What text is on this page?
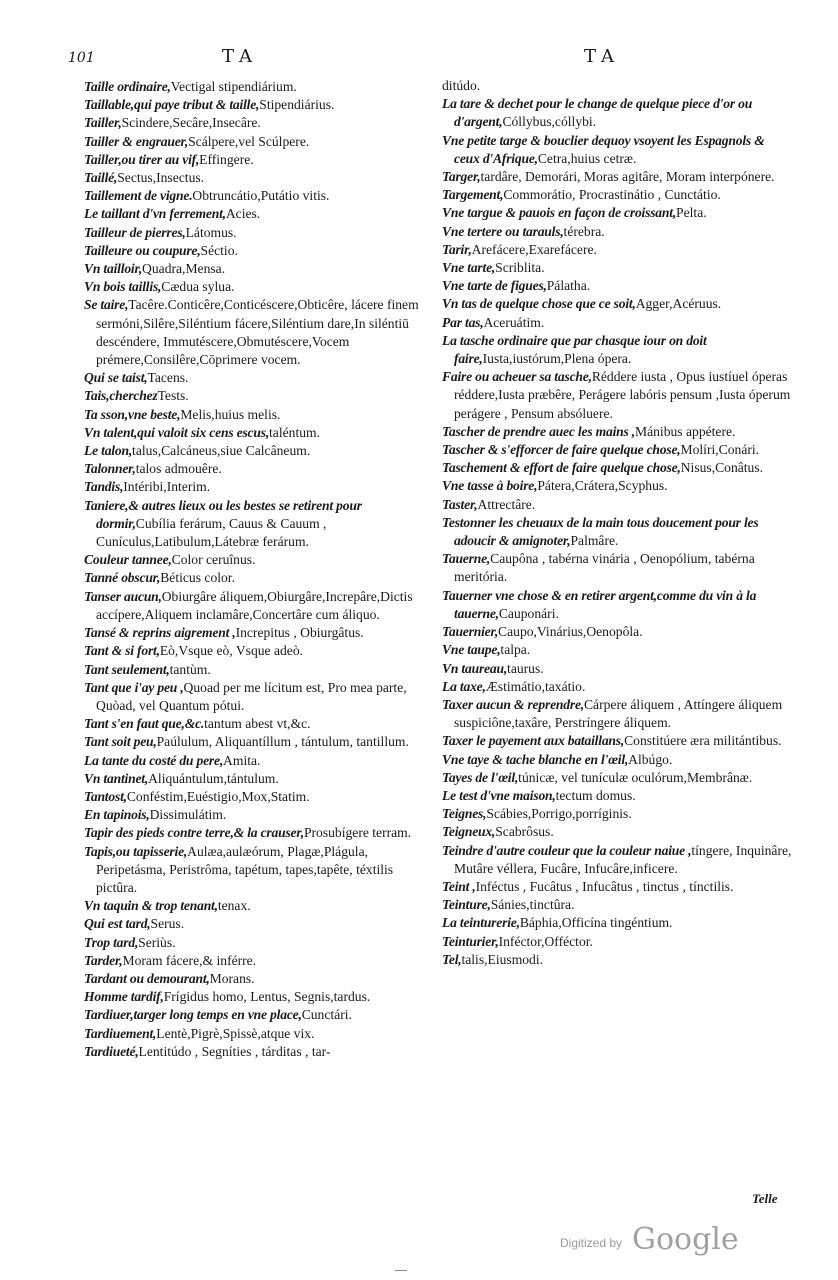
101	TA	TA

Taille ordinaire,Vectigal stipendiárium.

Taillable,qui paye tribut & taille,Stipendiárius.

Tailler,Scindere,Secâre,Insecâre.

Tailler & engrauer,Scálpere,vel Scúlpere.

Tailler,ou tirer au vif,Effingere.

Taillé,Sectus,Insectus.

Taillement de vigne.Obtruncátio,Putátio vitis.

Le taillant d'vn ferrement,Acies.

Tailleur de pierres,Látomus.

Tailleure ou coupure,Séctio.

Vn tailloir,Quadra,Mensa.

Vn bois taillis,Cædua sylua.

Se taire,Tacêre.Conticêre,Conticéscere,Obticêre, lácere finem sermóni,Silêre,Siléntium fácere,Siléntium dare,In siléntiū descéndere, Immutéscere,Obmutéscere,Vocem prémere,Consilêre,Cōprimere vocem.

Qui se taist,Tacens.

Tais,cherchezTests.

Ta sson,vne beste,Melis,huius melis.

Vn talent,qui valoit six cens escus,taléntum.

Le talon,talus,Calcáneus,siue Calcâneum.

Talonner,talos admouêre.

Tandis,Intéribi,Interim.

Taniere,& autres lieux ou les bestes se retirent pour dormir,Cubília ferárum, Cauus & Cauum , Cunículus,Latibulum,Látebræ ferárum.

Couleur tannee,Color ceruînus.

Tanné obscur,Béticus color.

Tanser aucun,Obiurgâre áliquem,Obiurgâre,Increpâre,Dictis accípere,Aliquem inclamâre,Concertâre cum áliquo.

Tansé & reprins aigrement ,Increpitus , Obiurgâtus.

Tant & si fort,Eò,Vsque eò, Vsque adeò.

Tant seulement,tantùm.

Tant que i'ay peu ,Quoad per me lícitum est, Pro mea parte, Quòad, vel Quantum pótui.

Tant s'en faut que,&c.tantum abest vt,&c.

Tant soit peu,Paúlulum, Aliquantíllum , tántulum, tantillum.

La tante du costé du pere,Amita.

Vn tantinet,Aliquántulum,tántulum.

Tantost,Conféstim,Euéstigio,Mox,Statim.

En tapinois,Dissimulátim.

Tapir des pieds contre terre,& la crauser,Prosubígere terram.

Tapis,ou tapisserie,Aulæa,aulæórum, Plagæ,Plágula, Peripetásma, Peristrôma, tapétum, tapes,tapête, téxtilis pictûra.

Vn taquin & trop tenant,tenax.

Qui est tard,Serus.

Trop tard,Seriùs.

Tarder,Moram fácere,& inférre.

Tardant ou demourant,Morans.

Homme tardif,Frígidus homo, Lentus, Segnis,tardus.

Tardiuer,targer long temps en vne place,Cunctári.

Tardiuement,Lentè,Pigrè,Spissè,atque vix.

Tardiueté,Lentitúdo , Segníties , tárditas , tar-

ditúdo.

La tare & dechet pour le change de quelque piece d'or ou d'argent,Cóllybus,cóllybi.

Vne petite targe & bouclier dequoy vsoyent les Espagnols & ceux d'Afrique,Cetra,huius cetræ.

Targer,tardâre, Demorári, Moras agitâre, Moram interpónere.

Targement,Commorátio, Procrastinátio , Cunctátio.

Vne targue & pauois en façon de croissant,Pelta.

Vne tertere ou tarauls,térebra.

Tarir,Arefácere,Exarefácere.

Vne tarte,Scriblita.

Vne tarte de figues,Pálatha.

Vn tas de quelque chose que ce soit,Agger,Acéruus.

Par tas,Aceruátim.

La tasche ordinaire que par chasque iour on doit faire,Iusta,iustórum,Plena ópera.

Faire ou acheuer sa tasche,Réddere iusta , Opus iustíuel óperas réddere,Iusta præbêre, Perágere labóris pensum ,Iusta óperum perágere , Pensum absóluere.

Tascher de prendre auec les mains ,Mánibus appétere.

Tascher & s'efforcer de faire quelque chose,Molíri,Conári.

Taschement & effort de faire quelque chose,Nisus,Conâtus.

Vne tasse à boire,Pátera,Crátera,Scyphus.

Taster,Attrectâre.

Testonner les cheuaux de la main tous doucement pour les adoucir & amignoter,Palmâre.

Tauerne,Caupôna , tabérna vinária , Oenopólium, tabérna meritória.

Tauerner vne chose & en retirer argent,comme du vin à la tauerne,Cauponári.

Tauernier,Caupo,Vinárius,Oenopôla.

Vne taupe,talpa.

Vn taureau,taurus.

La taxe,Æstimátio,taxátio.

Taxer aucun & reprendre,Cárpere áliquem , Attíngere áliquem suspiciône,taxâre, Perstríngere áliquem.

Taxer le payement aux bataillans,Constitúere æra militántibus.

Vne taye & tache blanche en l'œil,Albúgo.

Tayes de l'œil,túnicæ, vel tunículæ oculórum,Membrânæ.

Le test d'vne maison,tectum domus.

Teignes,Scábies,Porrigo,porríginis.

Teigneux,Scabrôsus.

Teindre d'autre couleur que la couleur naiue ,tíngere, Inquinâre, Mutâre véllera, Fucâre, Infucâre,inficere.

Teint ,Inféctus , Fucâtus , Infucâtus , tinctus , tínctilis.

Teinture,Sánies,tinctûra.

La teinturerie,Báphia,Officína tingéntium.

Teinturier,Inféctor,Offéctor.

Tel,talis,Eiusmodi.

Telle
Digitized by Google
